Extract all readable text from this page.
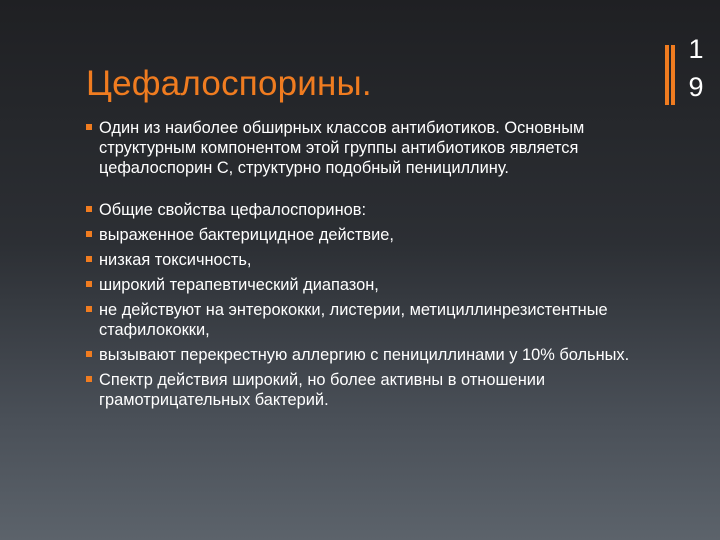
Цефалоспорины.
1
9
Один из наиболее обширных классов антибиотиков. Основным структурным компонентом этой группы антибиотиков является цефалоспорин C, структурно подобный пенициллину.
Общие свойства цефалоспоринов:
выраженное бактерицидное действие,
низкая токсичность,
широкий терапевтический диапазон,
не действуют на энтерококки, листерии, метициллинрезистентные стафилококки,
вызывают перекрестную аллергию с пенициллинами у 10% больных.
Спектр действия широкий, но более активны в отношении грамотрицательных бактерий.
